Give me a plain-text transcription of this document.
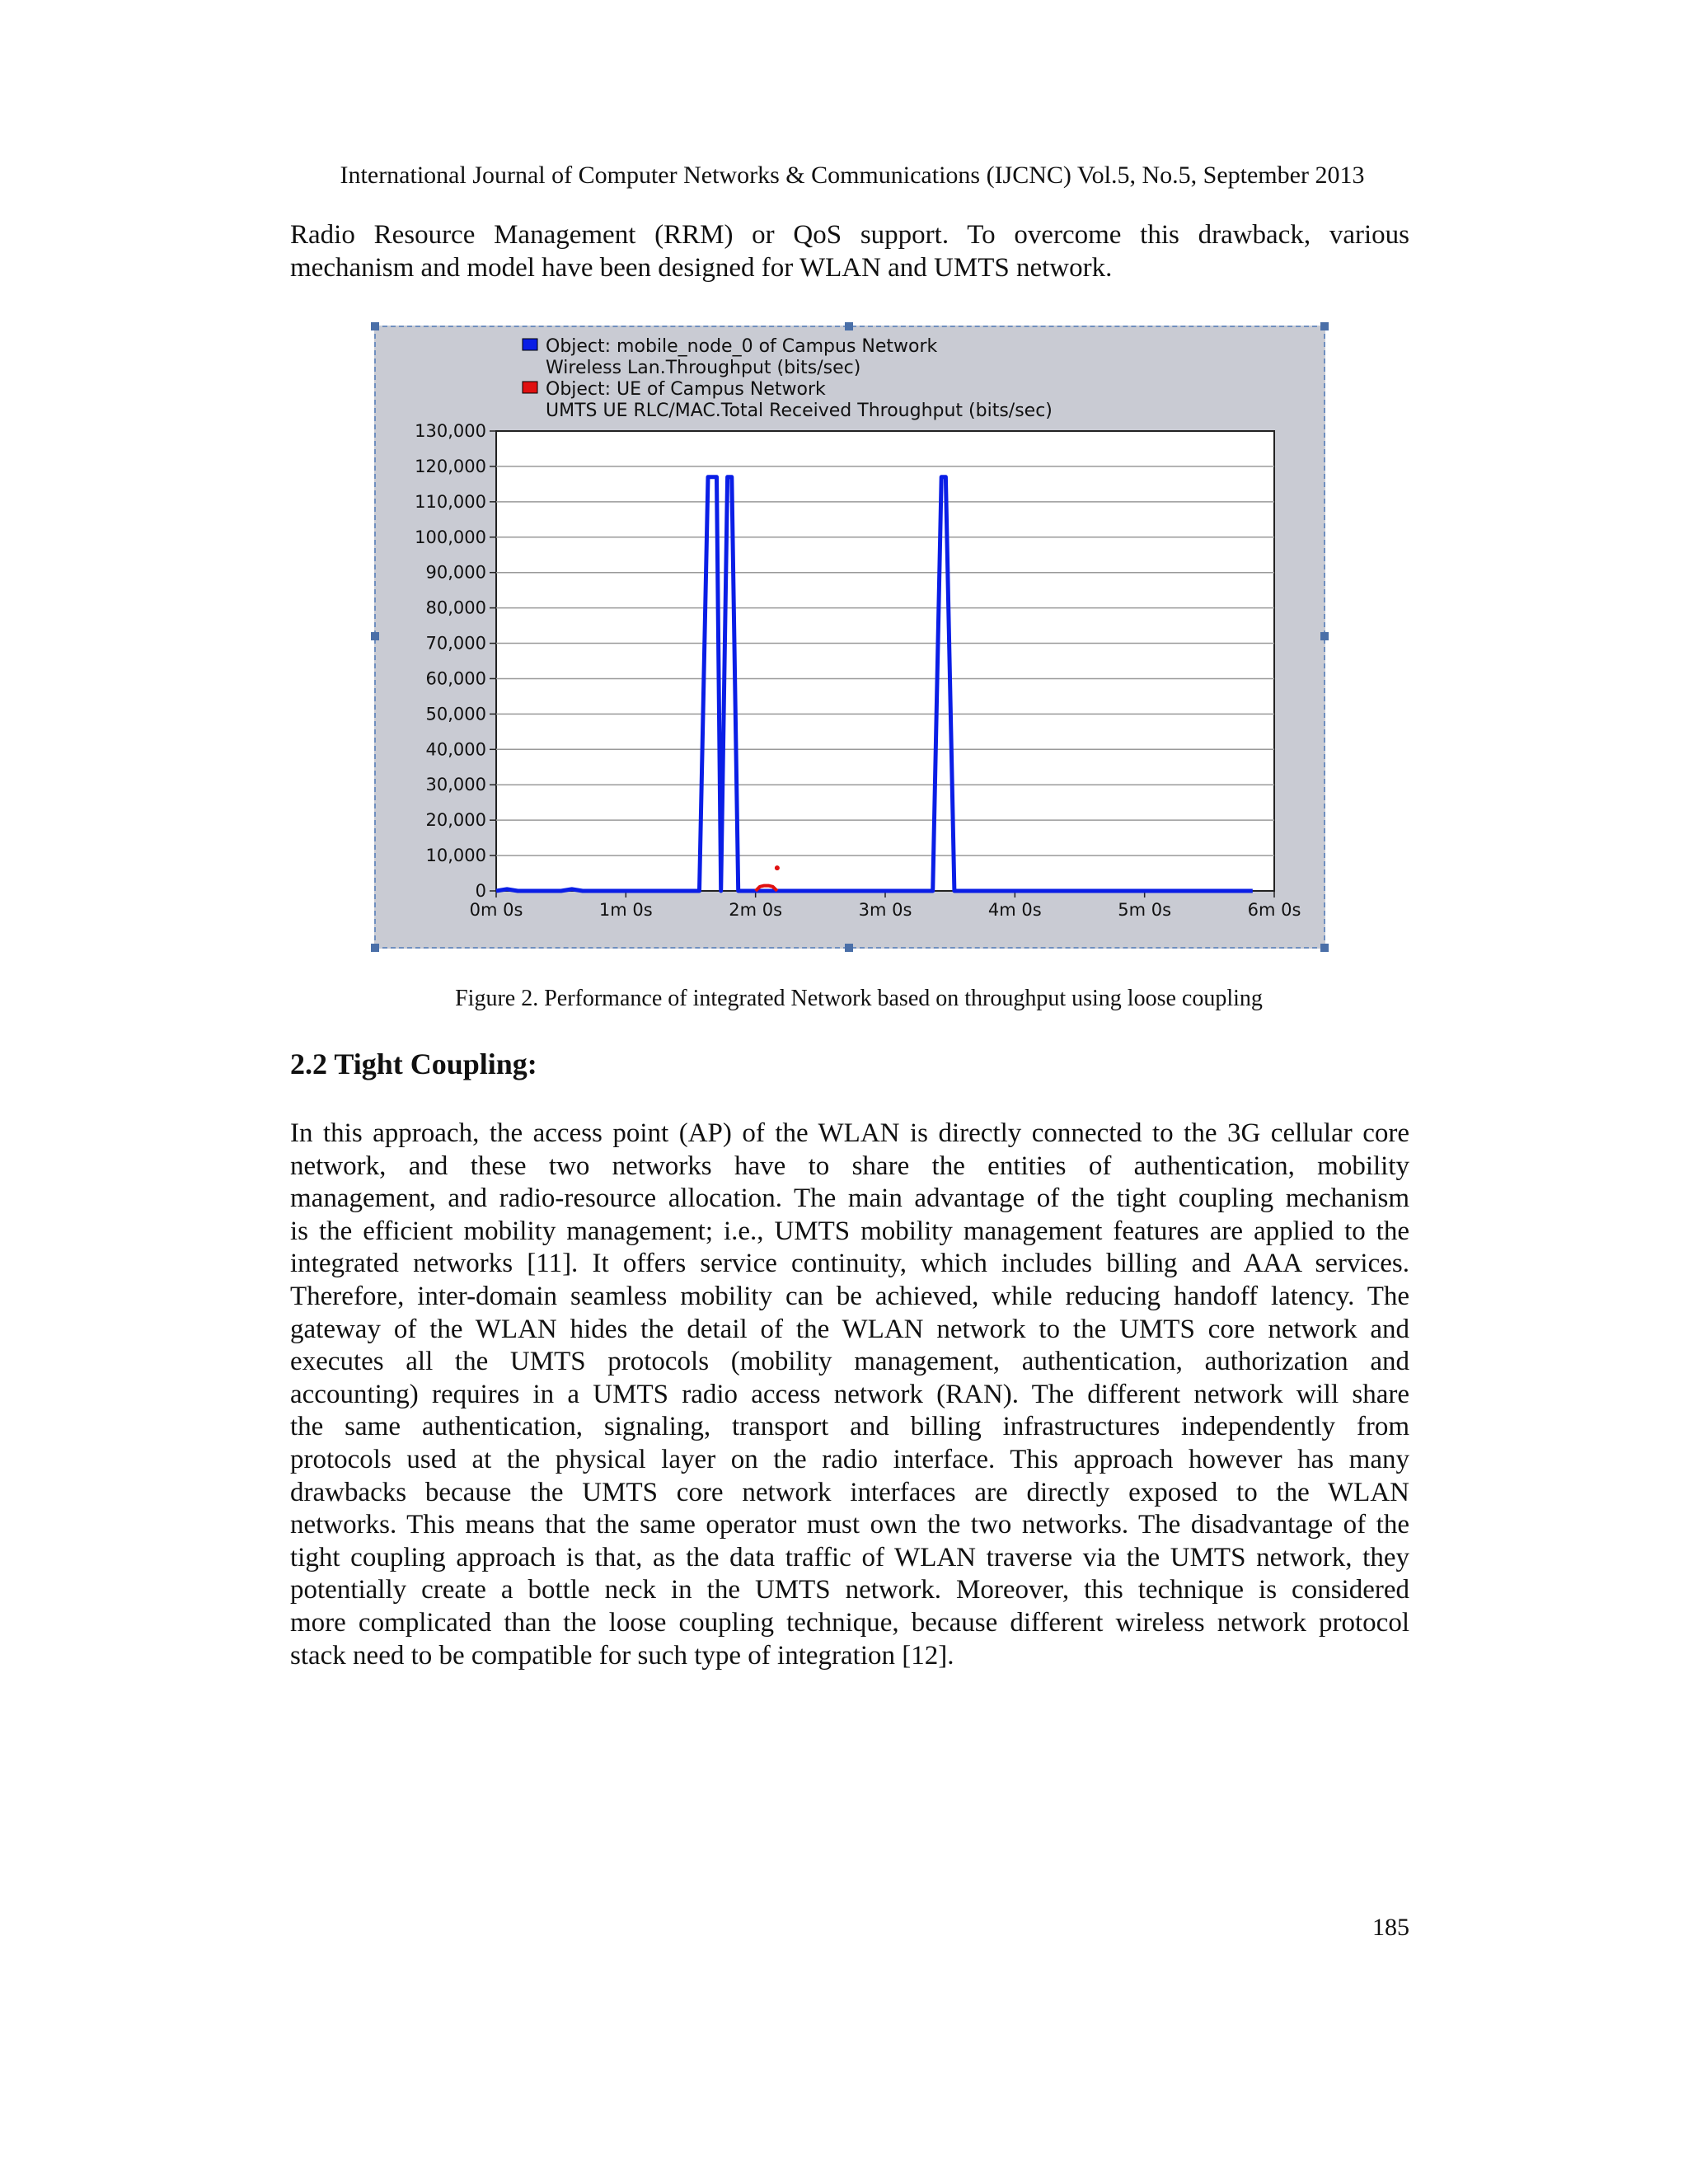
International Journal of Computer Networks & Communications (IJCNC) Vol.5, No.5, September 2013
Radio Resource Management (RRM) or QoS support. To overcome this drawback, various
mechanism and model have been designed for WLAN and UMTS network.
Object: mobile_node_0 of Campus Network
Wireless Lan.Throughput (bits/sec)
Object: UE of Campus Network
UMTS UE RLC/MAC.Total Received Throughput (bits/sec)
0
10,000
20,000
30,000
40,000
50,000
60,000
70,000
80,000
90,000
100,000
110,000
120,000
130,000
0m 0s	1m 0s	2m 0s	3m 0s	4m 0s	5m 0s	6m 0s
Figure 2. Performance of integrated Network based on throughput using loose coupling
2.2 Tight Coupling:
In this approach, the access point (AP) of the WLAN is directly connected to the 3G cellular core
network, and these two networks have to share the entities of authentication, mobility
management, and radio-resource allocation. The main advantage of the tight coupling mechanism
is the efficient mobility management; i.e., UMTS mobility management features are applied to the
integrated networks [11]. It offers service continuity, which includes billing and AAA services.
Therefore, inter-domain seamless mobility can be achieved, while reducing handoff latency. The
gateway of the WLAN hides the detail of the WLAN network to the UMTS core network and
executes all the UMTS protocols (mobility management, authentication, authorization and
accounting) requires in a UMTS radio access network (RAN). The different network will share
the same authentication, signaling, transport and billing infrastructures independently from
protocols used at the physical layer on the radio interface. This approach however has many
drawbacks because the UMTS core network interfaces are directly exposed to the WLAN
networks. This means that the same operator must own the two networks. The disadvantage of the
tight coupling approach is that, as the data traffic of WLAN traverse via the UMTS network, they
potentially create a bottle neck in the UMTS network. Moreover, this technique is considered
more complicated than the loose coupling technique, because different wireless network protocol
stack need to be compatible for such type of integration [12].
185
